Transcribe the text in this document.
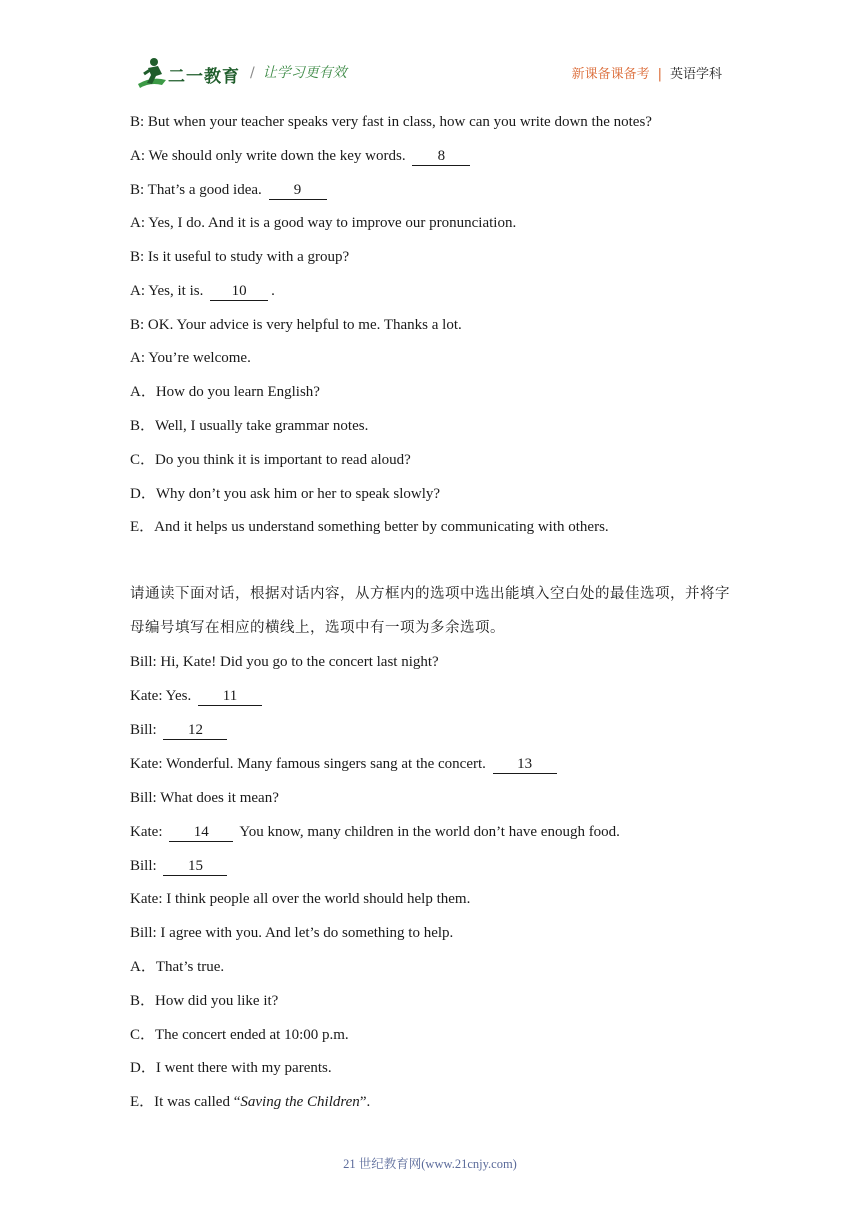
二一教育 / 让学习更有效	新课备课备考 | 英语学科
B: But when your teacher speaks very fast in class, how can you write down the notes?
A: We should only write down the key words. 8
B: That’s a good idea. 9
A: Yes, I do. And it is a good way to improve our pronunciation.
B: Is it useful to study with a group?
A: Yes, it is. 10 .
B: OK. Your advice is very helpful to me. Thanks a lot.
A: You’re welcome.
A．How do you learn English?
B．Well, I usually take grammar notes.
C．Do you think it is important to read aloud?
D．Why don’t you ask him or her to speak slowly?
E．And it helps us understand something better by communicating with others.
请通读下面对话，根据对话内容，从方框内的选项中选出能填入空白处的最佳选项，并将字
母编号填写在相应的横线上，选项中有一项为多余选项。
Bill: Hi, Kate! Did you go to the concert last night?
Kate: Yes. 11
Bill: 12
Kate: Wonderful. Many famous singers sang at the concert. 13
Bill: What does it mean?
Kate: 14 You know, many children in the world don’t have enough food.
Bill: 15
Kate: I think people all over the world should help them.
Bill: I agree with you. And let’s do something to help.
A．That’s true.
B．How did you like it?
C．The concert ended at 10:00 p.m.
D．I went there with my parents.
E．It was called “Saving the Children”.
21 世纪教育网(www.21cnjy.com)
